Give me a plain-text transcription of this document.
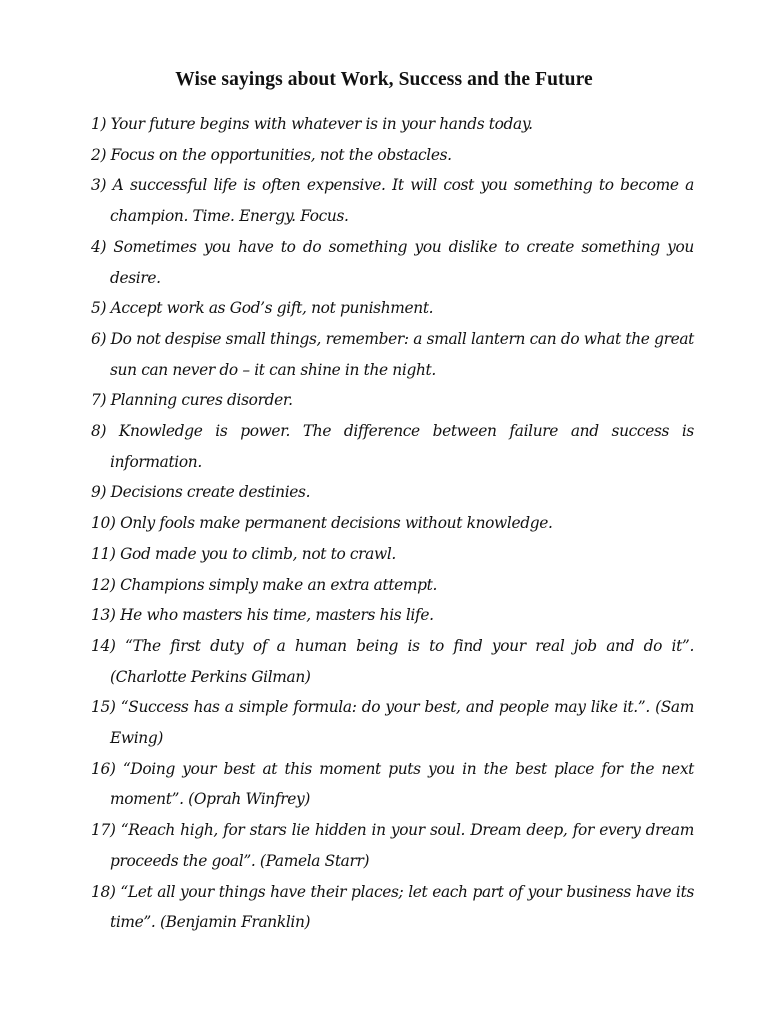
Wise sayings about Work, Success and the Future
1) Your future begins with whatever is in your hands today.
2) Focus on the opportunities, not the obstacles.
3) A successful life is often expensive. It will cost you something to become a champion. Time. Energy. Focus.
4) Sometimes you have to do something you dislike to create something you desire.
5) Accept work as God’s gift, not punishment.
6) Do not despise small things, remember: a small lantern can do what the great sun can never do – it can shine in the night.
7) Planning cures disorder.
8) Knowledge is power. The difference between failure and success is information.
9) Decisions create destinies.
10) Only fools make permanent decisions without knowledge.
11) God made you to climb, not to crawl.
12) Champions simply make an extra attempt.
13) He who masters his time, masters his life.
14) “The first duty of a human being is to find your real job and do it”. (Charlotte Perkins Gilman)
15) “Success has a simple formula: do your best, and people may like it.”. (Sam Ewing)
16) “Doing your best at this moment puts you in the best place for the next moment”. (Oprah Winfrey)
17) “Reach high, for stars lie hidden in your soul. Dream deep, for every dream proceeds the goal”. (Pamela Starr)
18) “Let all your things have their places; let each part of your business have its time”. (Benjamin Franklin)
